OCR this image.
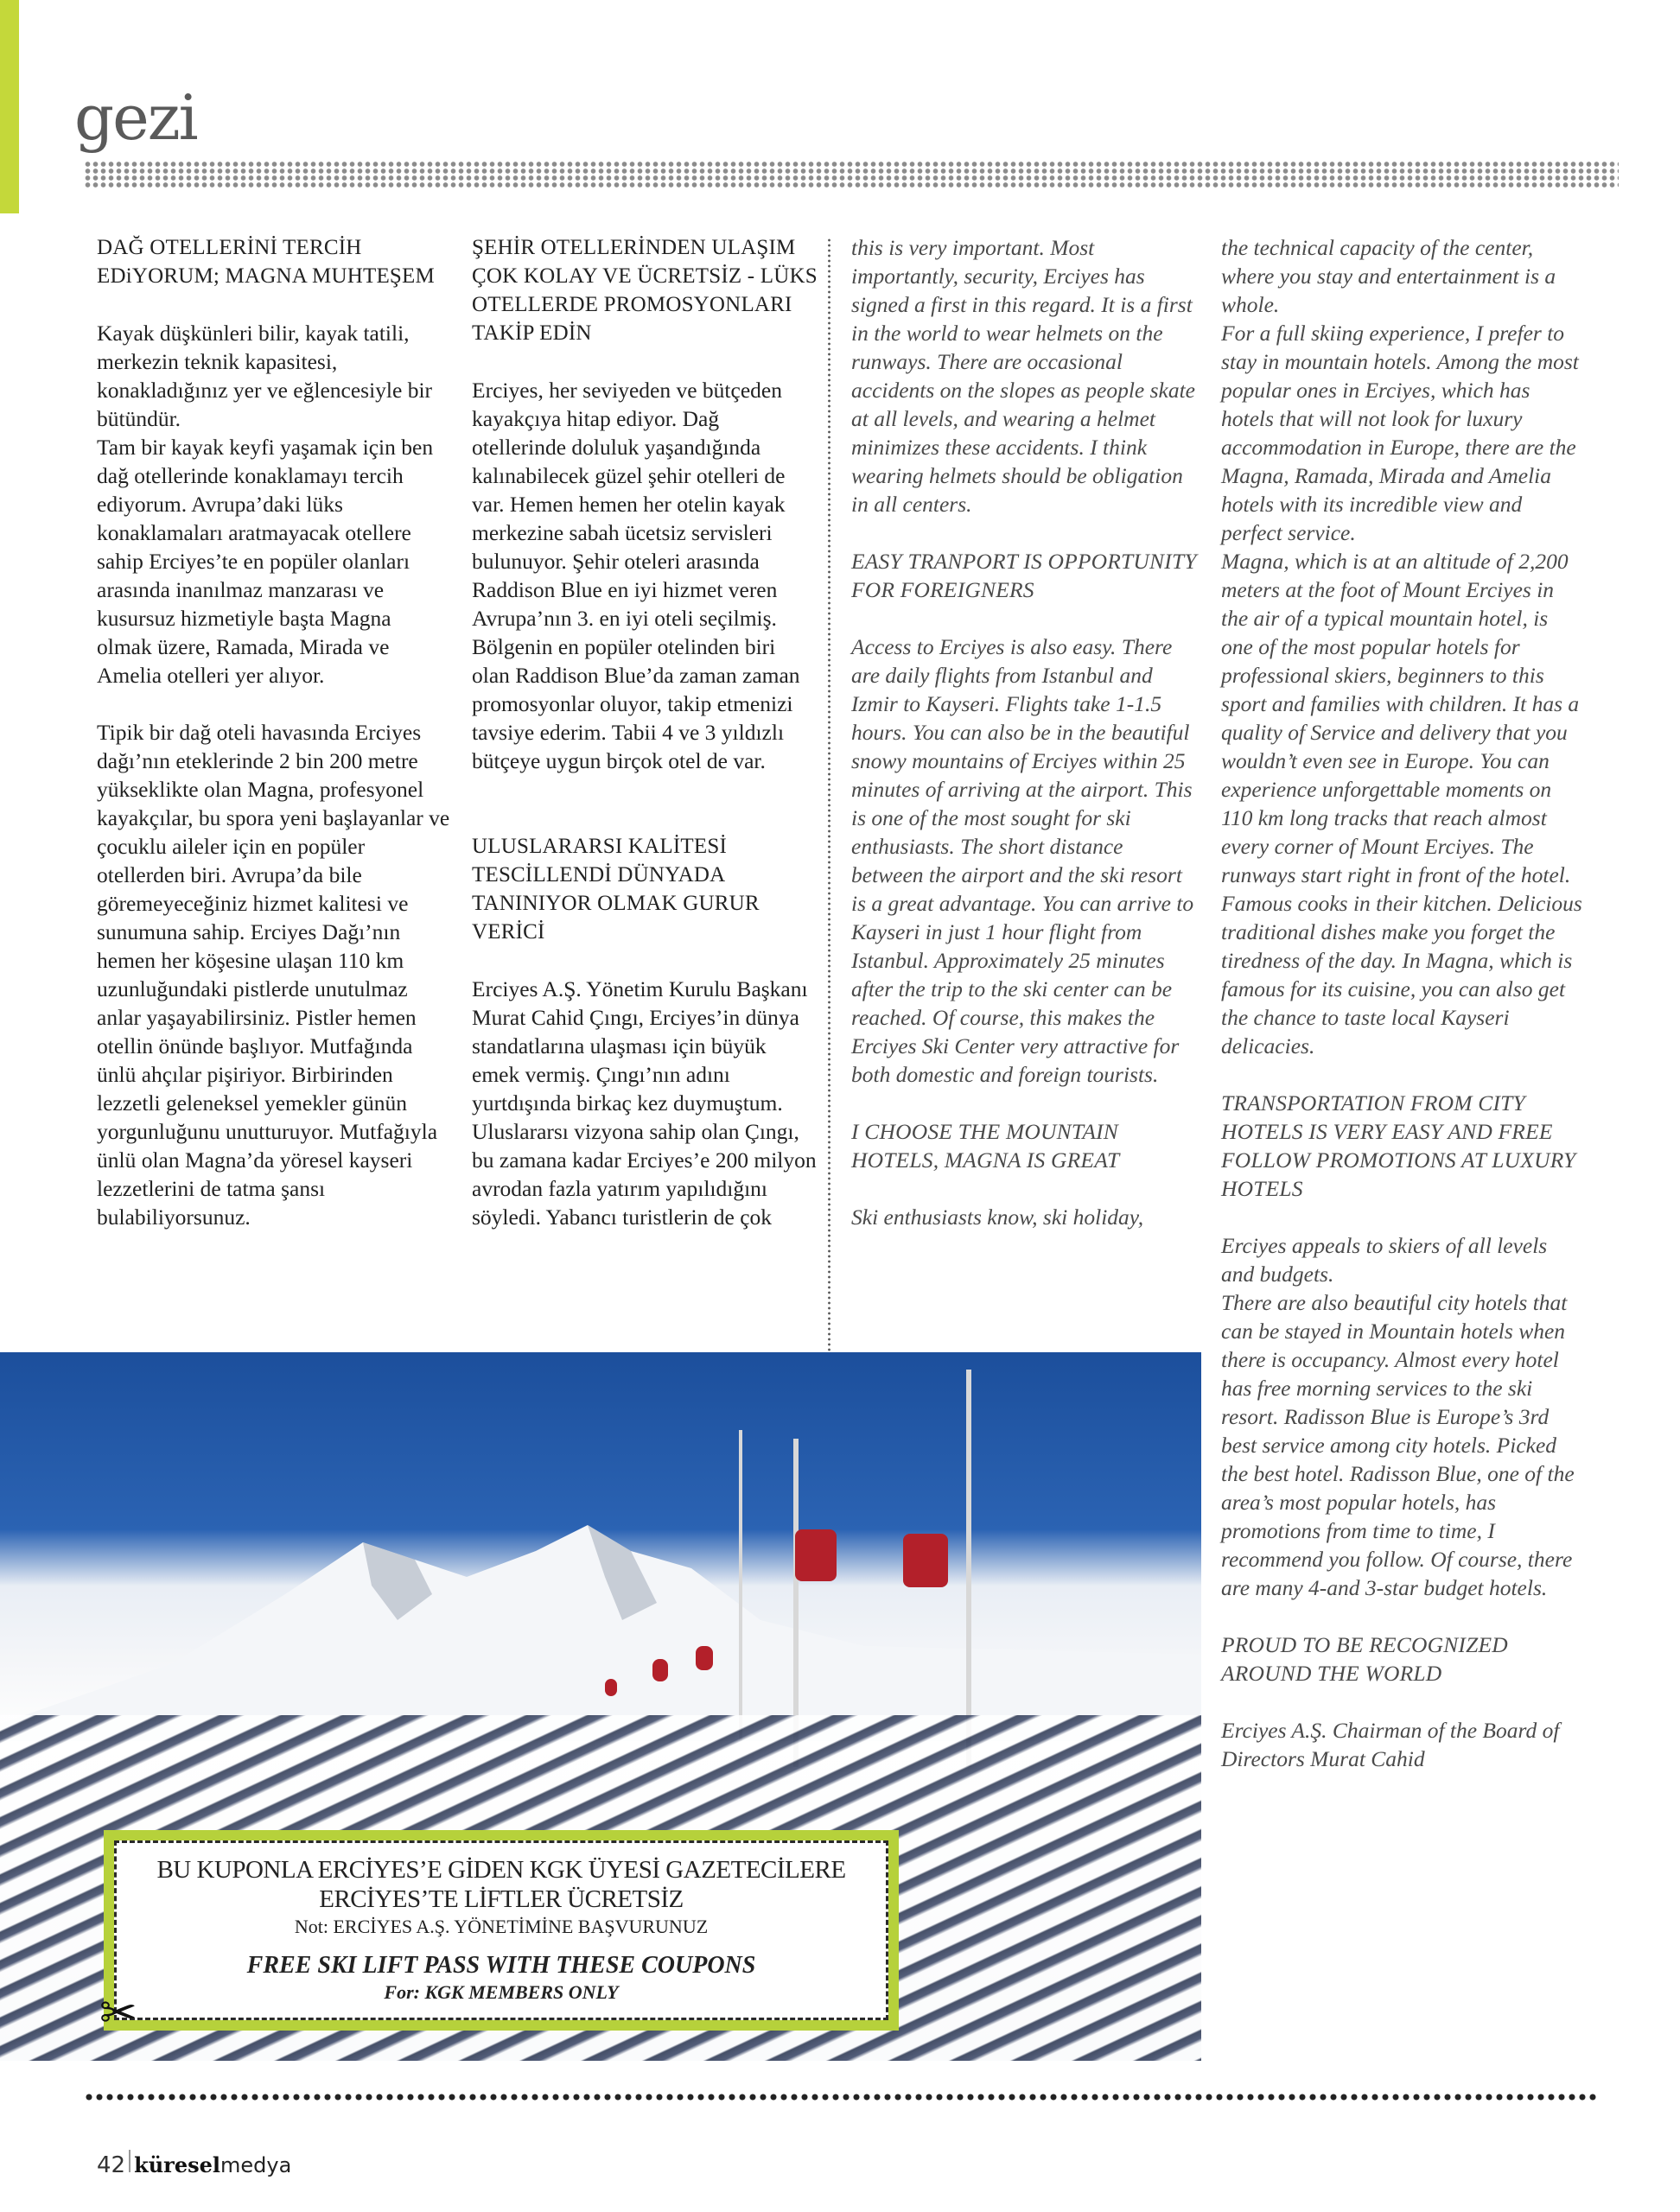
gezi

DAĞ OTELLERİNİ TERCİH EDiYORUM; MAGNA MUHTEŞEM

Kayak düşkünleri bilir, kayak tatili, merkezin teknik kapasitesi, konakladığınız yer ve eğlencesiyle bir bütündür.

Tam bir kayak keyfi yaşamak için ben dağ otellerinde konaklamayı tercih ediyorum. Avrupa’daki lüks konaklamaları aratmayacak otellere sahip Erciyes’te en popüler olanları arasında inanılmaz manzarası ve kusursuz hizmetiyle başta Magna olmak üzere, Ramada, Mirada ve Amelia otelleri yer alıyor.

Tipik bir dağ oteli havasında Erciyes dağı’nın eteklerinde 2 bin 200 metre yükseklikte olan Magna, profesyonel kayakçılar, bu spora yeni başlayanlar ve çocuklu aileler için en popüler otellerden biri. Avrupa’da bile göremeyeceğiniz hizmet kalitesi ve sunumuna sahip. Erciyes Dağı’nın hemen her köşesine ulaşan 110 km uzunluğundaki pistlerde unutulmaz anlar yaşayabilirsiniz. Pistler hemen otellin önünde başlıyor. Mutfağında ünlü ahçılar pişiriyor. Birbirinden lezzetli geleneksel yemekler günün yorgunluğunu unutturuyor. Mutfağıyla ünlü olan Magna’da yöresel kayseri lezzetlerini de tatma şansı bulabiliyorsunuz.

ŞEHİR OTELLERİNDEN ULAŞIM ÇOK KOLAY VE ÜCRETSİZ - LÜKS OTELLERDE PROMOSYONLARI TAKİP EDİN

Erciyes, her seviyeden ve bütçeden kayakçıya hitap ediyor. Dağ otellerinde doluluk yaşandığında kalınabilecek güzel şehir otelleri de var. Hemen hemen her otelin kayak merkezine sabah ücetsiz servisleri bulunuyor. Şehir oteleri arasında Raddison Blue en iyi hizmet veren Avrupa’nın 3. en iyi oteli seçilmiş. Bölgenin en popüler otelinden biri olan Raddison Blue’da zaman zaman promosyonlar oluyor, takip etmenizi tavsiye ederim. Tabii 4 ve 3 yıldızlı bütçeye uygun birçok otel de var.

ULUSLARARSI KALİTESİ TESCİLLENDİ DÜNYADA TANINIYOR OLMAK GURUR VERİCİ

Erciyes A.Ş. Yönetim Kurulu Başkanı Murat Cahid Çıngı, Erciyes’in dünya standatlarına ulaşması için büyük emek vermiş. Çıngı’nın adını yurtdışında birkaç kez duymuştum. Uluslararsı vizyona sahip olan Çıngı, bu zamana kadar Erciyes’e 200 milyon avrodan fazla yatırım yapılıdığını söyledi. Yabancı turistlerin de çok

this is very important. Most importantly, security, Erciyes has signed a first in this regard. It is a first in the world to wear helmets on the runways. There are occasional accidents on the slopes as people skate at all levels, and wearing a helmet minimizes these accidents. I think wearing helmets should be obligation in all centers.

EASY TRANPORT IS OPPORTUNITY FOR FOREIGNERS

Access to Erciyes is also easy. There are daily flights from Istanbul and Izmir to Kayseri. Flights take 1-1.5 hours. You can also be in the beautiful snowy mountains of Erciyes within 25 minutes of arriving at the airport. This is one of the most sought for ski enthusiasts. The short distance between the airport and the ski resort is a great advantage. You can arrive to Kayseri in just 1 hour flight from Istanbul. Approximately 25 minutes after the trip to the ski center can be reached. Of course, this makes the Erciyes Ski Center very attractive for both domestic and foreign tourists.

I CHOOSE THE MOUNTAIN HOTELS, MAGNA IS GREAT

Ski enthusiasts know, ski holiday,

the technical capacity of the center, where you stay and entertainment is a whole.

For a full skiing experience, I prefer to stay in mountain hotels. Among the most popular ones in Erciyes, which has hotels that will not look for luxury accommodation in Europe, there are the Magna, Ramada, Mirada and Amelia hotels with its incredible view and perfect service.

Magna, which is at an altitude of 2,200 meters at the foot of Mount Erciyes in the air of a typical mountain hotel, is one of the most popular hotels for professional skiers, beginners to this sport and families with children. It has a quality of Service and delivery that you wouldn’t even see in Europe. You can experience unforgettable moments on 110 km long tracks that reach almost every corner of Mount Erciyes. The runways start right in front of the hotel. Famous cooks in their kitchen. Delicious traditional dishes make you forget the tiredness of the day. In Magna, which is famous for its cuisine, you can also get the chance to taste local Kayseri delicacies.

TRANSPORTATION FROM CITY HOTELS IS VERY EASY AND FREE FOLLOW PROMOTIONS AT LUXURY HOTELS

Erciyes appeals to skiers of all levels and budgets.

There are also beautiful city hotels that can be stayed in Mountain hotels when there is occupancy. Almost every hotel has free morning services to the ski resort. Radisson Blue is Europe’s 3rd best service among city hotels. Picked the best hotel. Radisson Blue, one of the area’s most popular hotels, has promotions from time to time, I recommend you follow. Of course, there are many 4-and 3-star budget hotels.

PROUD TO BE RECOGNIZED AROUND THE WORLD

Erciyes A.Ş. Chairman of the Board of Directors Murat Cahid

BU KUPONLA ERCİYES’E GİDEN KGK ÜYESİ GAZETECİLERE
ERCİYES’TE LİFTLER ÜCRETSİZ
Not: ERCİYES A.Ş. YÖNETİMİNE BAŞVURUNUZ
FREE SKI LIFT PASS WITH THESE COUPONS
For: KGK MEMBERS ONLY
✂
42 küresel medya
